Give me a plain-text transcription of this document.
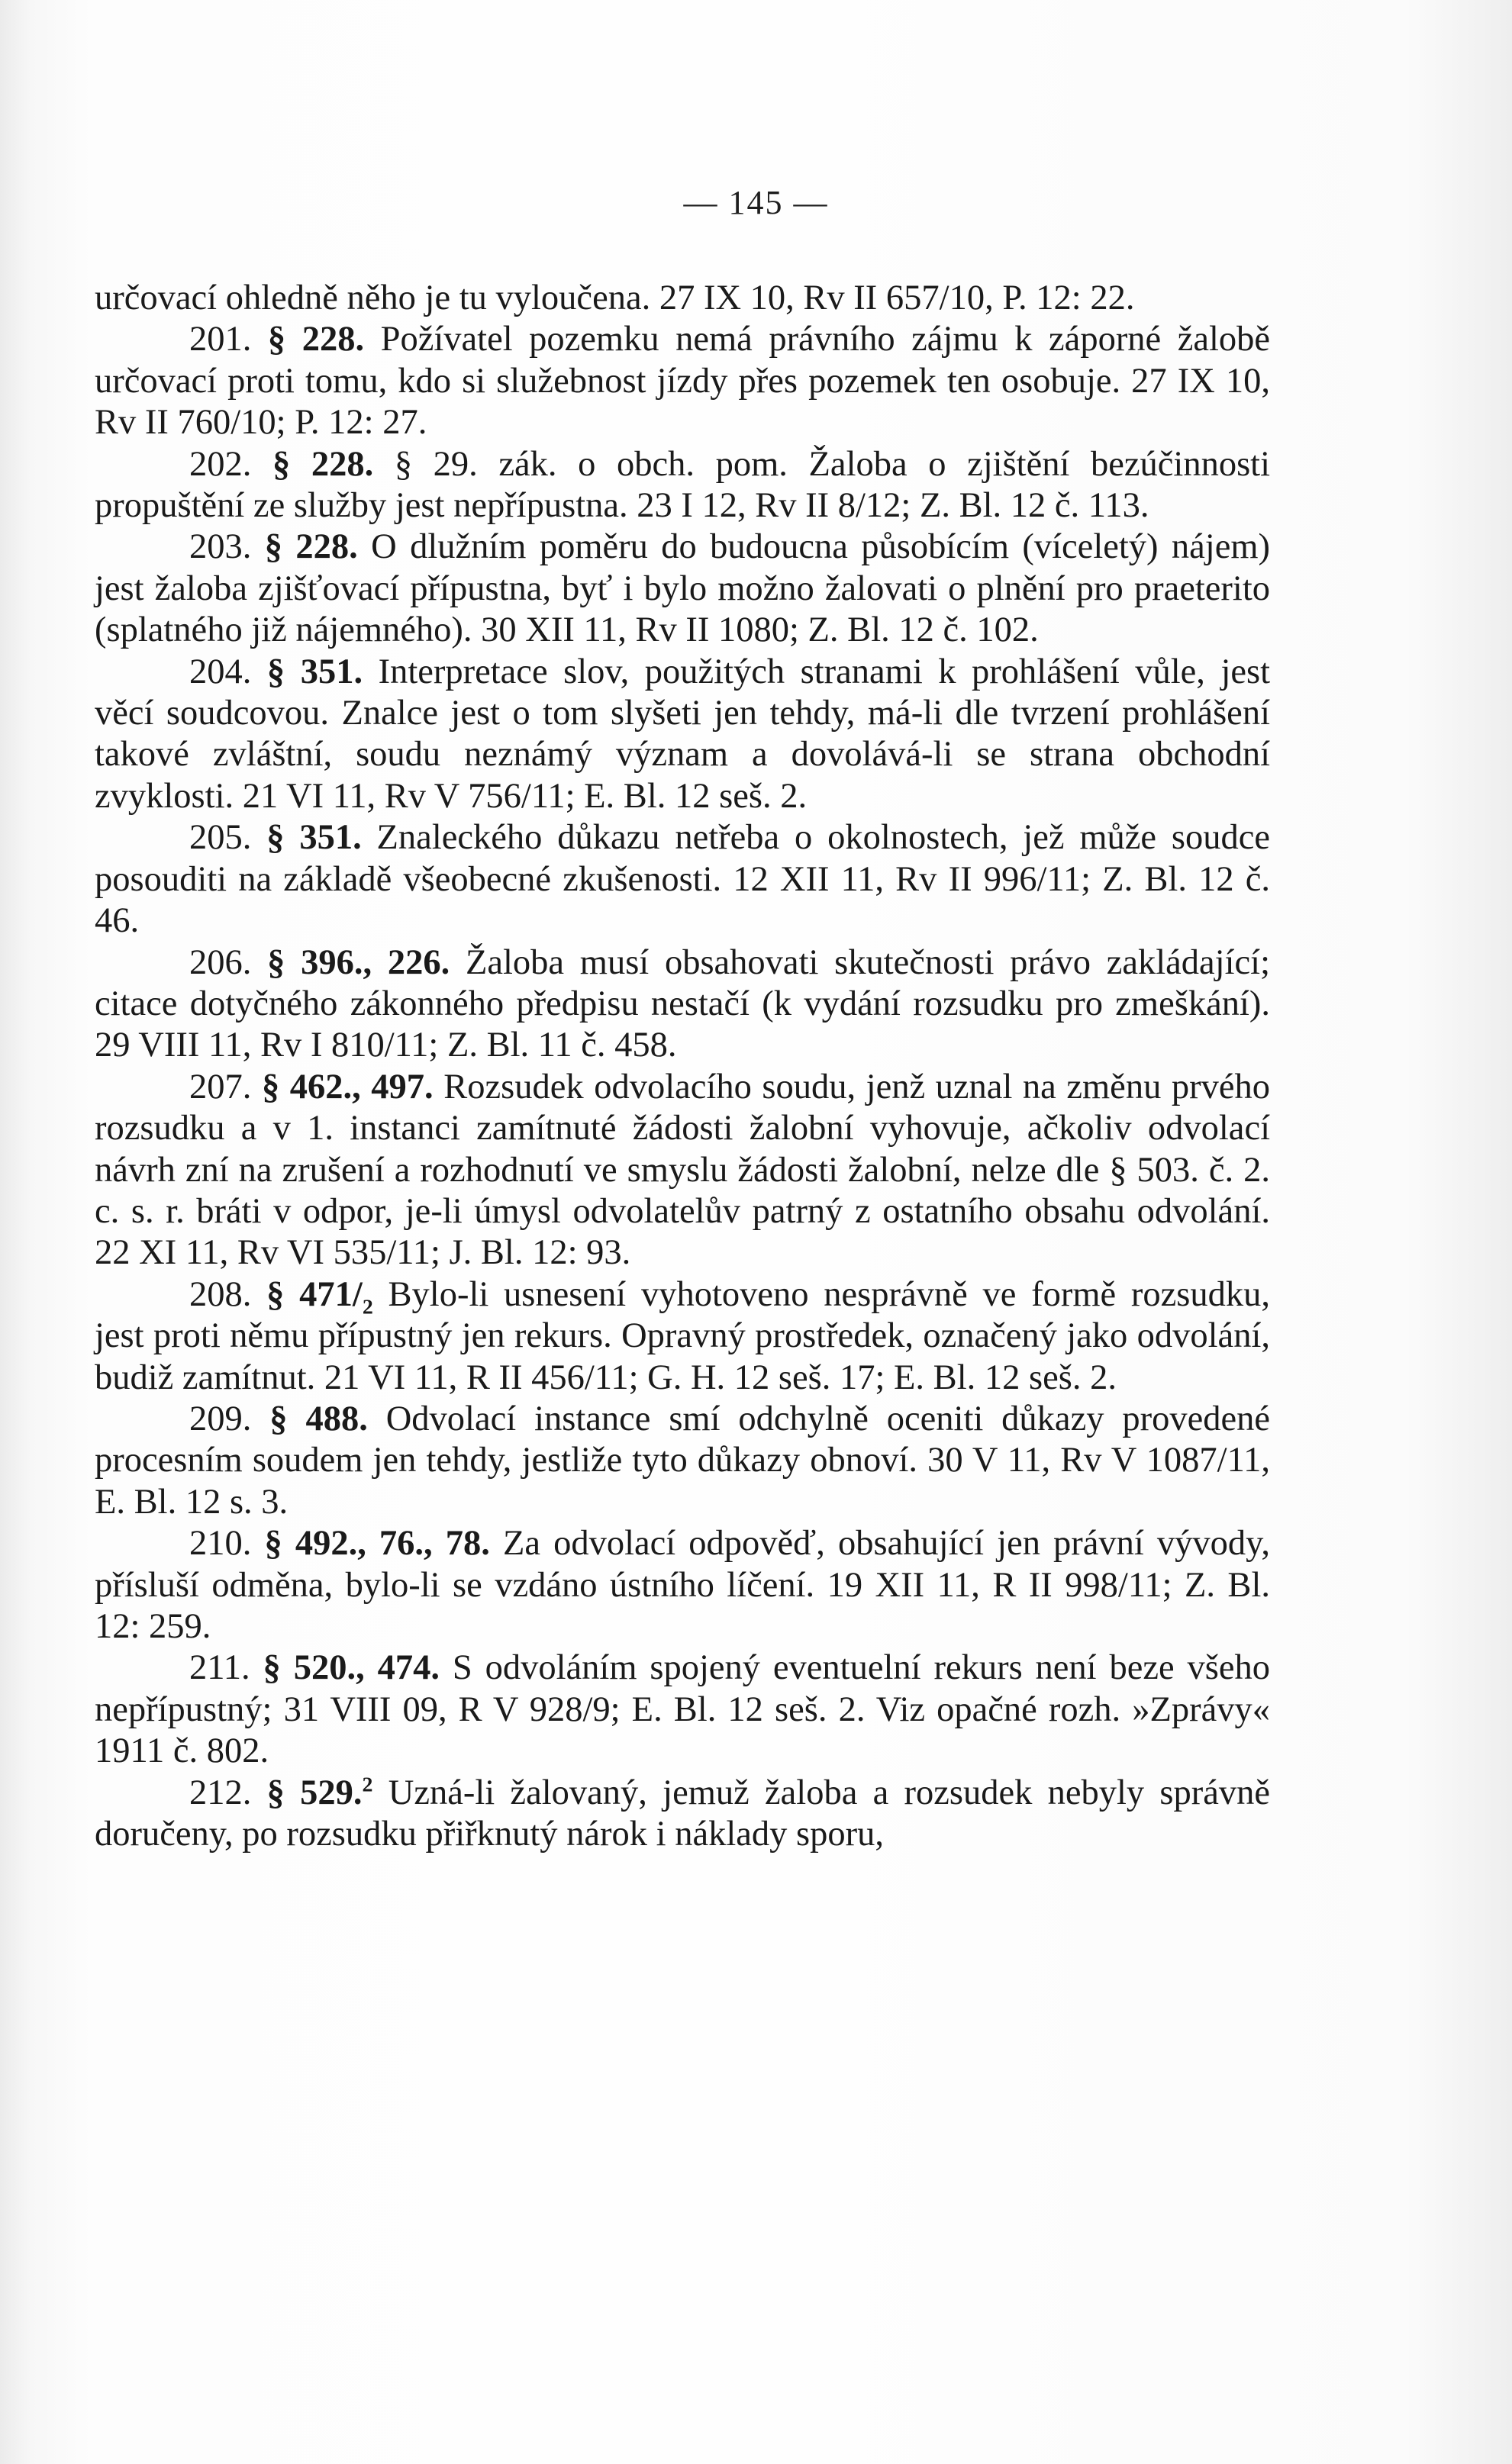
— 145 —

určovací ohledně něho je tu vyloučena. 27 IX 10, Rv II 657/10, P. 12: 22.

201. § 228. Požívatel pozemku nemá právního zájmu k záporné žalobě určovací proti tomu, kdo si služebnost jízdy přes pozemek ten osobuje. 27 IX 10, Rv II 760/10; P. 12: 27.

202. § 228. § 29. zák. o obch. pom. Žaloba o zjištění bezúčinnosti propuštění ze služby jest nepřípustna. 23 I 12, Rv II 8/12; Z. Bl. 12 č. 113.

203. § 228. O dlužním poměru do budoucna působícím (víceletý) nájem) jest žaloba zjišťovací přípustna, byť i bylo možno žalovati o plnění pro praeterito (splatného již nájemného). 30 XII 11, Rv II 1080; Z. Bl. 12 č. 102.

204. § 351. Interpretace slov, použitých stranami k prohlášení vůle, jest věcí soudcovou. Znalce jest o tom slyšeti jen tehdy, má-li dle tvrzení prohlášení takové zvláštní, soudu neznámý význam a dovolává-li se strana obchodní zvyklosti. 21 VI 11, Rv V 756/11; E. Bl. 12 seš. 2.

205. § 351. Znaleckého důkazu netřeba o okolnostech, jež může soudce posouditi na základě všeobecné zkušenosti. 12 XII 11, Rv II 996/11; Z. Bl. 12 č. 46.

206. § 396., 226. Žaloba musí obsahovati skutečnosti právo zakládající; citace dotyčného zákonného předpisu nestačí (k vydání rozsudku pro zmeškání). 29 VIII 11, Rv I 810/11; Z. Bl. 11 č. 458.

207. § 462., 497. Rozsudek odvolacího soudu, jenž uznal na změnu prvého rozsudku a v 1. instanci zamítnuté žádosti žalobní vyhovuje, ačkoliv odvolací návrh zní na zrušení a rozhodnutí ve smyslu žádosti žalobní, nelze dle § 503. č. 2. c. s. r. bráti v odpor, je-li úmysl odvolatelův patrný z ostatního obsahu odvolání. 22 XI 11, Rv VI 535/11; J. Bl. 12: 93.

208. § $471/_2$ Bylo-li usnesení vyhotoveno nesprávně ve formě rozsudku, jest proti němu přípustný jen rekurs. Opravný prostředek, označený jako odvolání, budiž zamítnut. 21 VI 11, R II 456/11; G. H. 12 seš. 17; E. Bl. 12 seš. 2.

209. § 488. Odvolací instance smí odchylně oceniti důkazy provedené procesním soudem jen tehdy, jestliže tyto důkazy obnoví. 30 V 11, Rv V 1087/11, E. Bl. 12 s. 3.

210. § 492., 76., 78. Za odvolací odpověď, obsahující jen právní vývody, přísluší odměna, bylo-li se vzdáno ústního líčení. 19 XII 11, R II 998/11; Z. Bl. 12: 259.

211. § 520., 474. S odvoláním spojený eventuelní rekurs není beze všeho nepřípustný; 31 VIII 09, R V 928/9; E. Bl. 12 seš. 2. Viz opačné rozh. »Zprávy« 1911 č. 802.

212. § 529.$^2$ Uzná-li žalovaný, jemuž žaloba a rozsudek nebyly správně doručeny, po rozsudku přiřknutý nárok i náklady sporu,
